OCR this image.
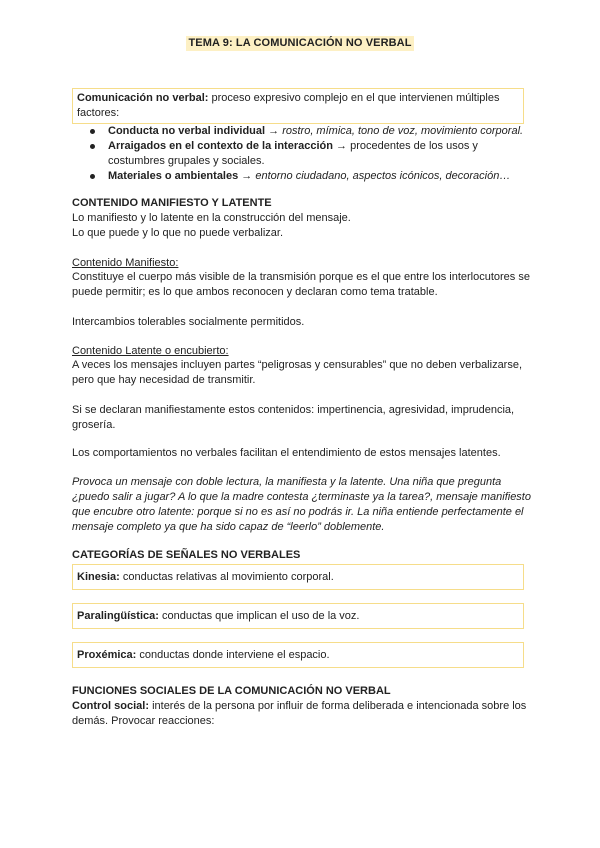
TEMA 9: LA COMUNICACIÓN NO VERBAL
Comunicación no verbal: proceso expresivo complejo en el que intervienen múltiples factores:
Conducta no verbal individual → rostro, mímica, tono de voz, movimiento corporal.
Arraigados en el contexto de la interacción → procedentes de los usos y costumbres grupales y sociales.
Materiales o ambientales → entorno ciudadano, aspectos icónicos, decoración…
CONTENIDO MANIFIESTO Y LATENTE
Lo manifiesto y lo latente en la construcción del mensaje.
Lo que puede y lo que no puede verbalizar.
Contenido Manifiesto:
Constituye el cuerpo más visible de la transmisión porque es el que entre los interlocutores se puede permitir; es lo que ambos reconocen y declaran como tema tratable.
Intercambios tolerables socialmente permitidos.
Contenido Latente o encubierto:
A veces los mensajes incluyen partes “peligrosas y censurables” que no deben verbalizarse, pero que hay necesidad de transmitir.
Si se declaran manifiestamente estos contenidos: impertinencia, agresividad, imprudencia, grosería.
Los comportamientos no verbales facilitan el entendimiento de estos mensajes latentes.
Provoca un mensaje con doble lectura, la manifiesta y la latente. Una niña que pregunta ¿puedo salir a jugar? A lo que la madre contesta ¿terminaste ya la tarea?, mensaje manifiesto que encubre otro latente: porque si no es así no podrás ir. La niña entiende perfectamente el mensaje completo ya que ha sido capaz de “leerlo” doblemente.
CATEGORÍAS DE SEÑALES NO VERBALES
Kinesia: conductas relativas al movimiento corporal.
Paralingüística: conductas que implican el uso de la voz.
Proxémica: conductas donde interviene el espacio.
FUNCIONES SOCIALES DE LA COMUNICACIÓN NO VERBAL
Control social: interés de la persona por influir de forma deliberada e intencionada sobre los demás. Provocar reacciones:
